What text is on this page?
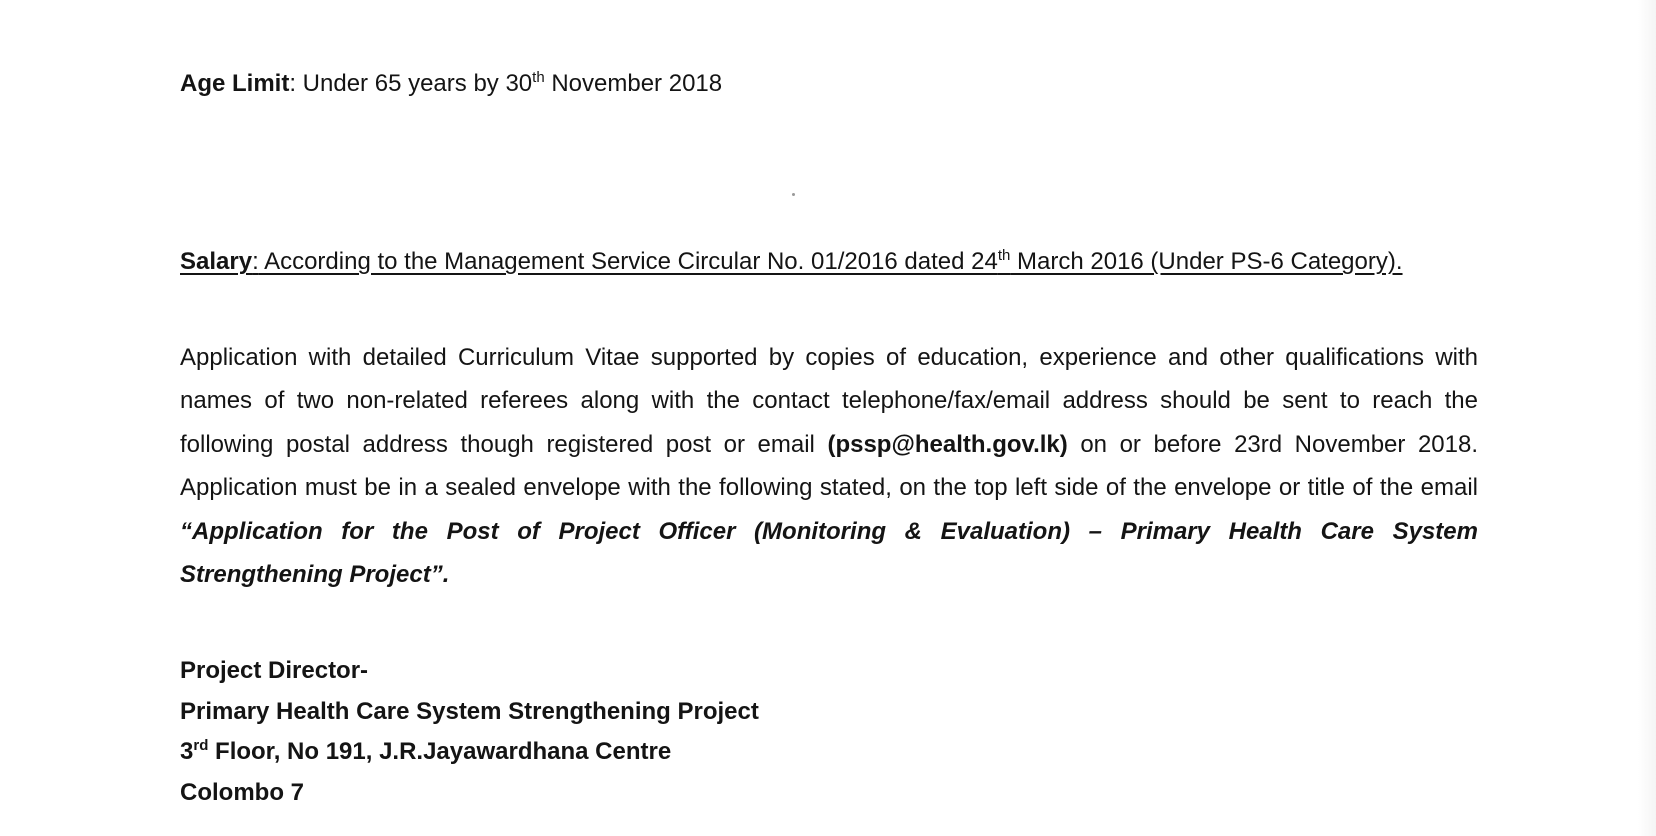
Age Limit: Under 65 years by 30th November 2018
Salary: According to the Management Service Circular No. 01/2016 dated 24th March 2016 (Under PS-6 Category).
Application with detailed Curriculum Vitae supported by copies of education, experience and other qualifications with names of two non-related referees along with the contact telephone/fax/email address should be sent to reach the following postal address though registered post or email (pssp@health.gov.lk) on or before 23rd November 2018. Application must be in a sealed envelope with the following stated, on the top left side of the envelope or title of the email “Application for the Post of Project Officer (Monitoring & Evaluation) – Primary Health Care System Strengthening Project”.
Project Director-
Primary Health Care System Strengthening Project
3rd Floor, No 191, J.R.Jayawardhana Centre
Colombo 7
